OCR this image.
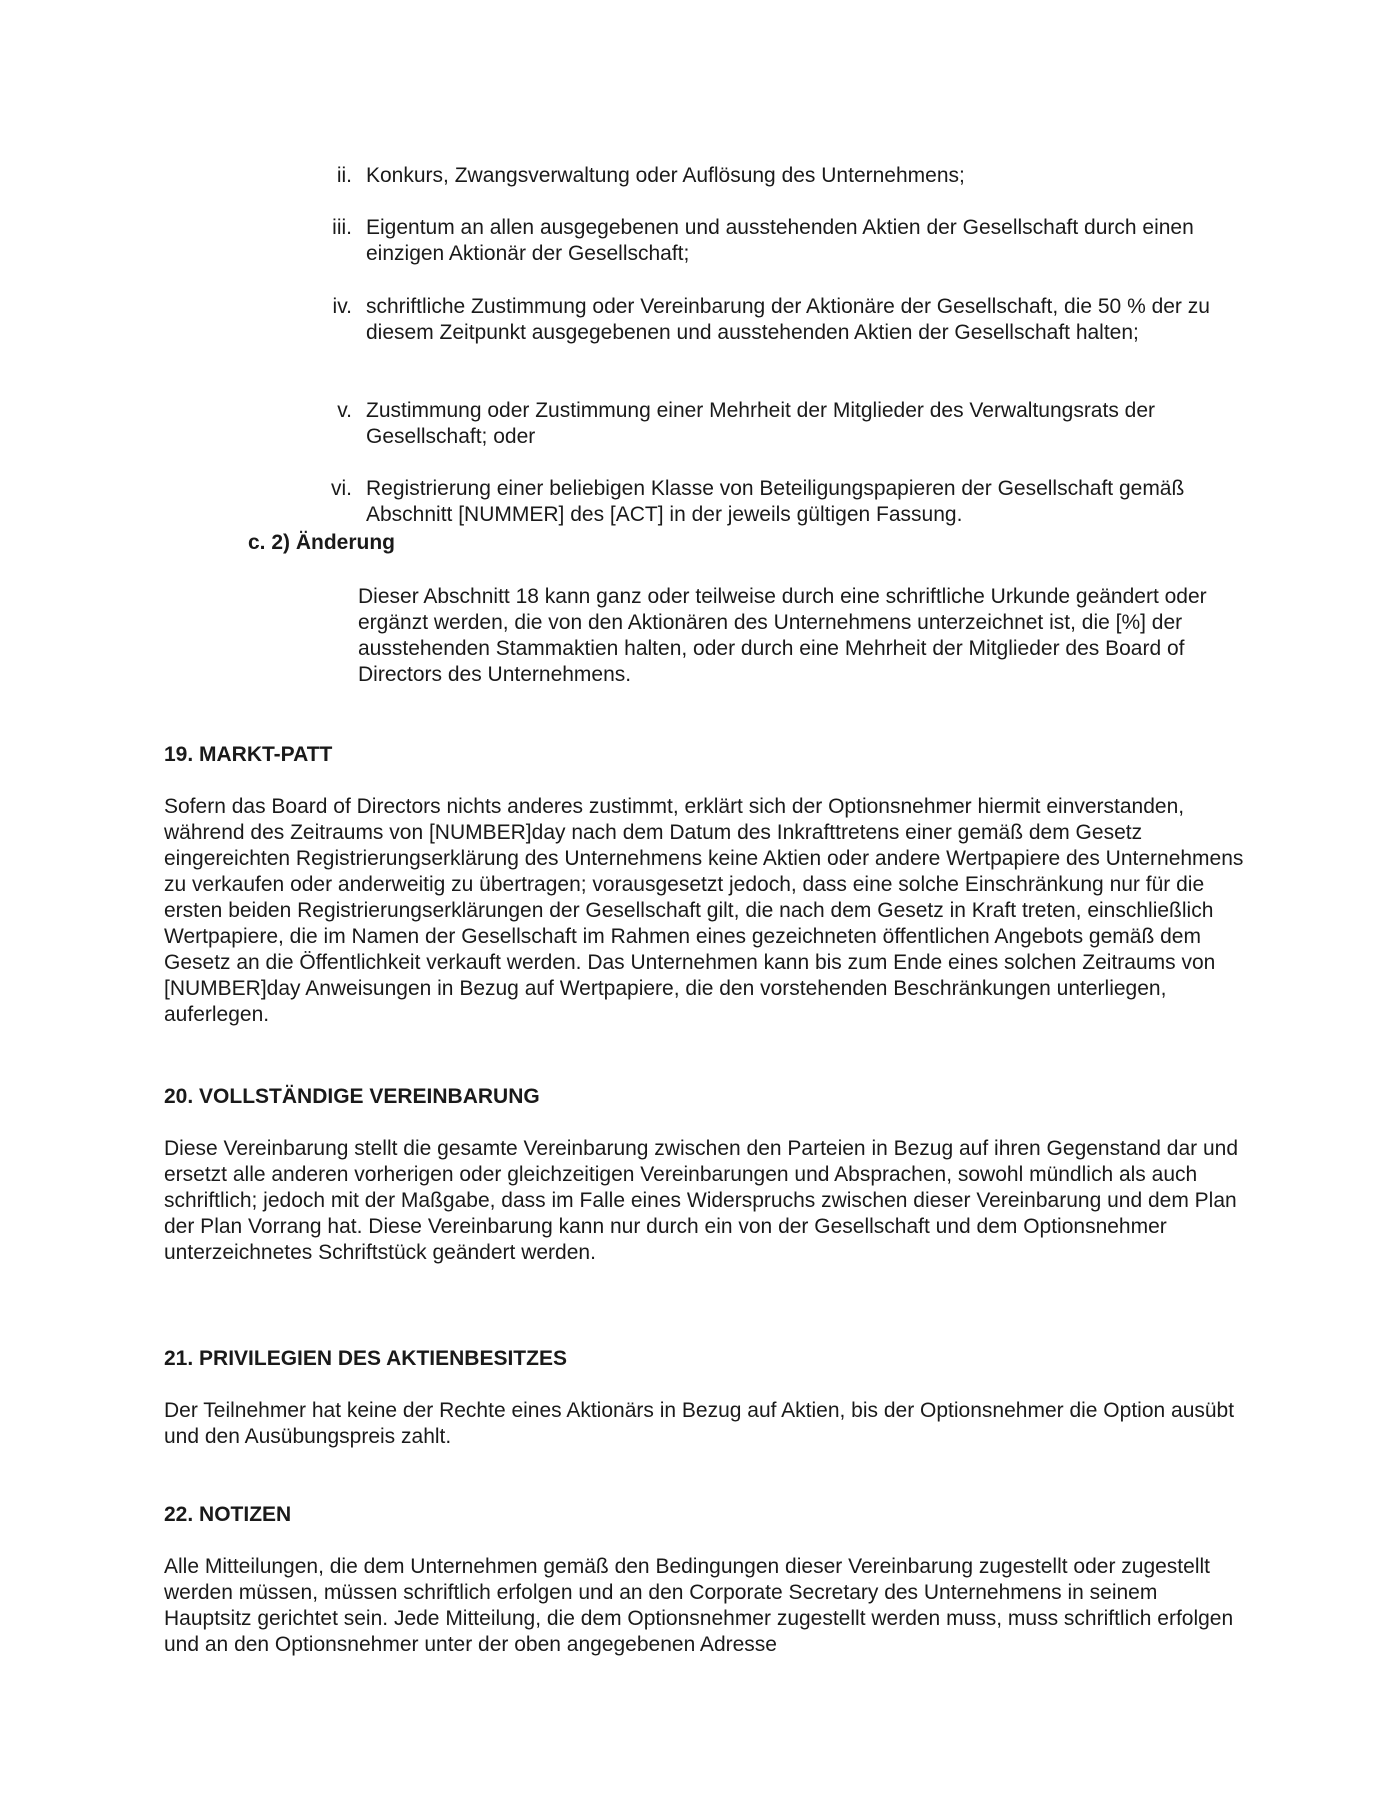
ii. Konkurs, Zwangsverwaltung oder Auflösung des Unternehmens;
iii. Eigentum an allen ausgegebenen und ausstehenden Aktien der Gesellschaft durch einen einzigen Aktionär der Gesellschaft;
iv. schriftliche Zustimmung oder Vereinbarung der Aktionäre der Gesellschaft, die 50 % der zu diesem Zeitpunkt ausgegebenen und ausstehenden Aktien der Gesellschaft halten;
v. Zustimmung oder Zustimmung einer Mehrheit der Mitglieder des Verwaltungsrats der Gesellschaft; oder
vi. Registrierung einer beliebigen Klasse von Beteiligungspapieren der Gesellschaft gemäß Abschnitt [NUMMER] des [ACT] in der jeweils gültigen Fassung.
c. 2) Änderung
Dieser Abschnitt 18 kann ganz oder teilweise durch eine schriftliche Urkunde geändert oder ergänzt werden, die von den Aktionären des Unternehmens unterzeichnet ist, die [%] der ausstehenden Stammaktien halten, oder durch eine Mehrheit der Mitglieder des Board of Directors des Unternehmens.
19. MARKT-PATT
Sofern das Board of Directors nichts anderes zustimmt, erklärt sich der Optionsnehmer hiermit einverstanden, während des Zeitraums von [NUMBER]day nach dem Datum des Inkrafttretens einer gemäß dem Gesetz eingereichten Registrierungserklärung des Unternehmens keine Aktien oder andere Wertpapiere des Unternehmens zu verkaufen oder anderweitig zu übertragen; vorausgesetzt jedoch, dass eine solche Einschränkung nur für die ersten beiden Registrierungserklärungen der Gesellschaft gilt, die nach dem Gesetz in Kraft treten, einschließlich Wertpapiere, die im Namen der Gesellschaft im Rahmen eines gezeichneten öffentlichen Angebots gemäß dem Gesetz an die Öffentlichkeit verkauft werden. Das Unternehmen kann bis zum Ende eines solchen Zeitraums von [NUMBER]day Anweisungen in Bezug auf Wertpapiere, die den vorstehenden Beschränkungen unterliegen, auferlegen.
20. VOLLSTÄNDIGE VEREINBARUNG
Diese Vereinbarung stellt die gesamte Vereinbarung zwischen den Parteien in Bezug auf ihren Gegenstand dar und ersetzt alle anderen vorherigen oder gleichzeitigen Vereinbarungen und Absprachen, sowohl mündlich als auch schriftlich; jedoch mit der Maßgabe, dass im Falle eines Widerspruchs zwischen dieser Vereinbarung und dem Plan der Plan Vorrang hat. Diese Vereinbarung kann nur durch ein von der Gesellschaft und dem Optionsnehmer unterzeichnetes Schriftstück geändert werden.
21. PRIVILEGIEN DES AKTIENBESITZES
Der Teilnehmer hat keine der Rechte eines Aktionärs in Bezug auf Aktien, bis der Optionsnehmer die Option ausübt und den Ausübungspreis zahlt.
22. NOTIZEN
Alle Mitteilungen, die dem Unternehmen gemäß den Bedingungen dieser Vereinbarung zugestellt oder zugestellt werden müssen, müssen schriftlich erfolgen und an den Corporate Secretary des Unternehmens in seinem Hauptsitz gerichtet sein. Jede Mitteilung, die dem Optionsnehmer zugestellt werden muss, muss schriftlich erfolgen und an den Optionsnehmer unter der oben angegebenen Adresse
